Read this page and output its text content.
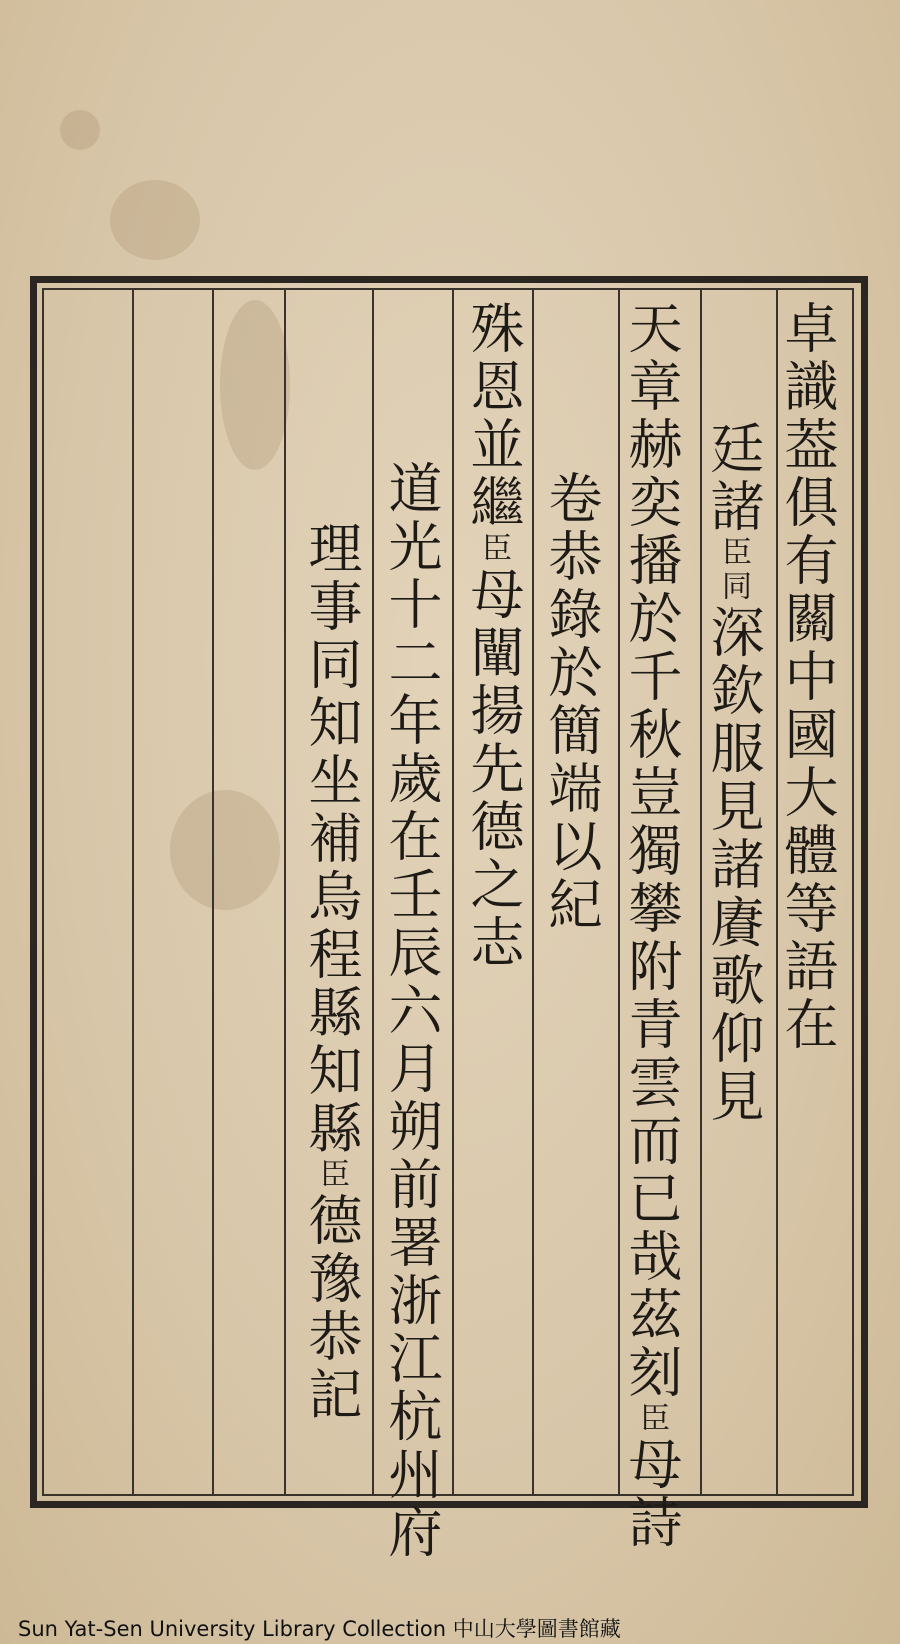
卓識葢俱有關中國大體等語在
廷諸臣同深欽服見諸賡歌仰見
天章赫奕播於千秋豈獨攀附青雲而已哉茲刻臣母詩
卷恭錄於簡端以紀
殊恩並繼臣母闡揚先德之志
道光十二年歲在壬辰六月朔前署浙江杭州府
理事同知坐補烏程縣知縣臣德豫恭記
Sun Yat-Sen University Library Collection 中山大學圖書館藏
